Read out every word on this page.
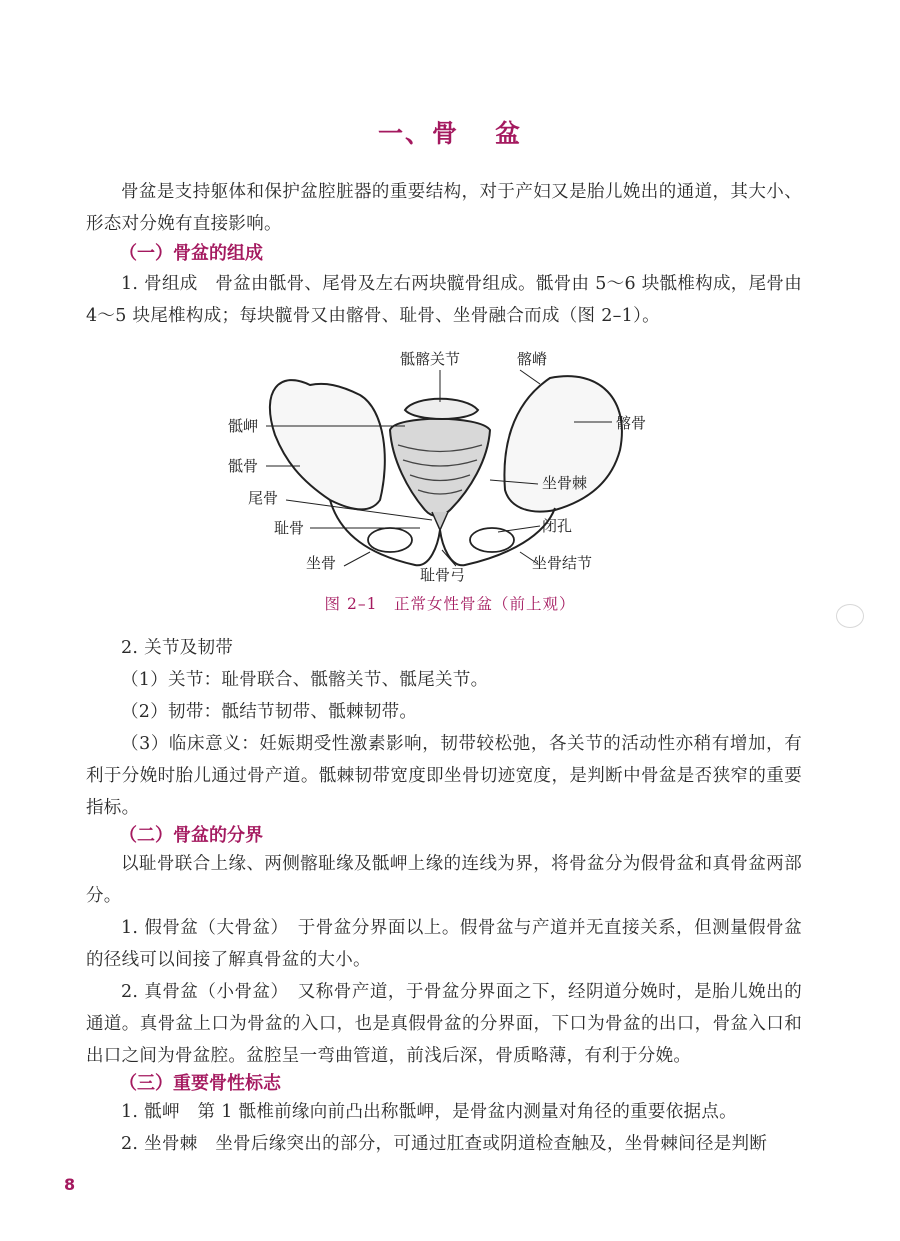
一、骨 盆

骨盆是支持躯体和保护盆腔脏器的重要结构，对于产妇又是胎儿娩出的通道，其大小、形态对分娩有直接影响。

（一）骨盆的组成

1. 骨组成　骨盆由骶骨、尾骨及左右两块髋骨组成。骶骨由 5～6 块骶椎构成，尾骨由 4～5 块尾椎构成；每块髋骨又由髂骨、耻骨、坐骨融合而成（图 2–1）。

骶髂关节	髂嵴
骶岬	髂骨
骶骨
坐骨棘
尾骨
耻骨	闭孔
坐骨
耻骨弓
坐骨结节
图 2–1　正常女性骨盆（前上观）

2. 关节及韧带

（1）关节：耻骨联合、骶髂关节、骶尾关节。

（2）韧带：骶结节韧带、骶棘韧带。

（3）临床意义：妊娠期受性激素影响，韧带较松弛，各关节的活动性亦稍有增加，有利于分娩时胎儿通过骨产道。骶棘韧带宽度即坐骨切迹宽度，是判断中骨盆是否狭窄的重要指标。

（二）骨盆的分界

以耻骨联合上缘、两侧髂耻缘及骶岬上缘的连线为界，将骨盆分为假骨盆和真骨盆两部分。

1. 假骨盆（大骨盆）　于骨盆分界面以上。假骨盆与产道并无直接关系，但测量假骨盆的径线可以间接了解真骨盆的大小。

2. 真骨盆（小骨盆）　又称骨产道，于骨盆分界面之下，经阴道分娩时，是胎儿娩出的通道。真骨盆上口为骨盆的入口，也是真假骨盆的分界面，下口为骨盆的出口，骨盆入口和出口之间为骨盆腔。盆腔呈一弯曲管道，前浅后深，骨质略薄，有利于分娩。

（三）重要骨性标志

1. 骶岬　第 1 骶椎前缘向前凸出称骶岬，是骨盆内测量对角径的重要依据点。

2. 坐骨棘　坐骨后缘突出的部分，可通过肛查或阴道检查触及，坐骨棘间径是判断

8
